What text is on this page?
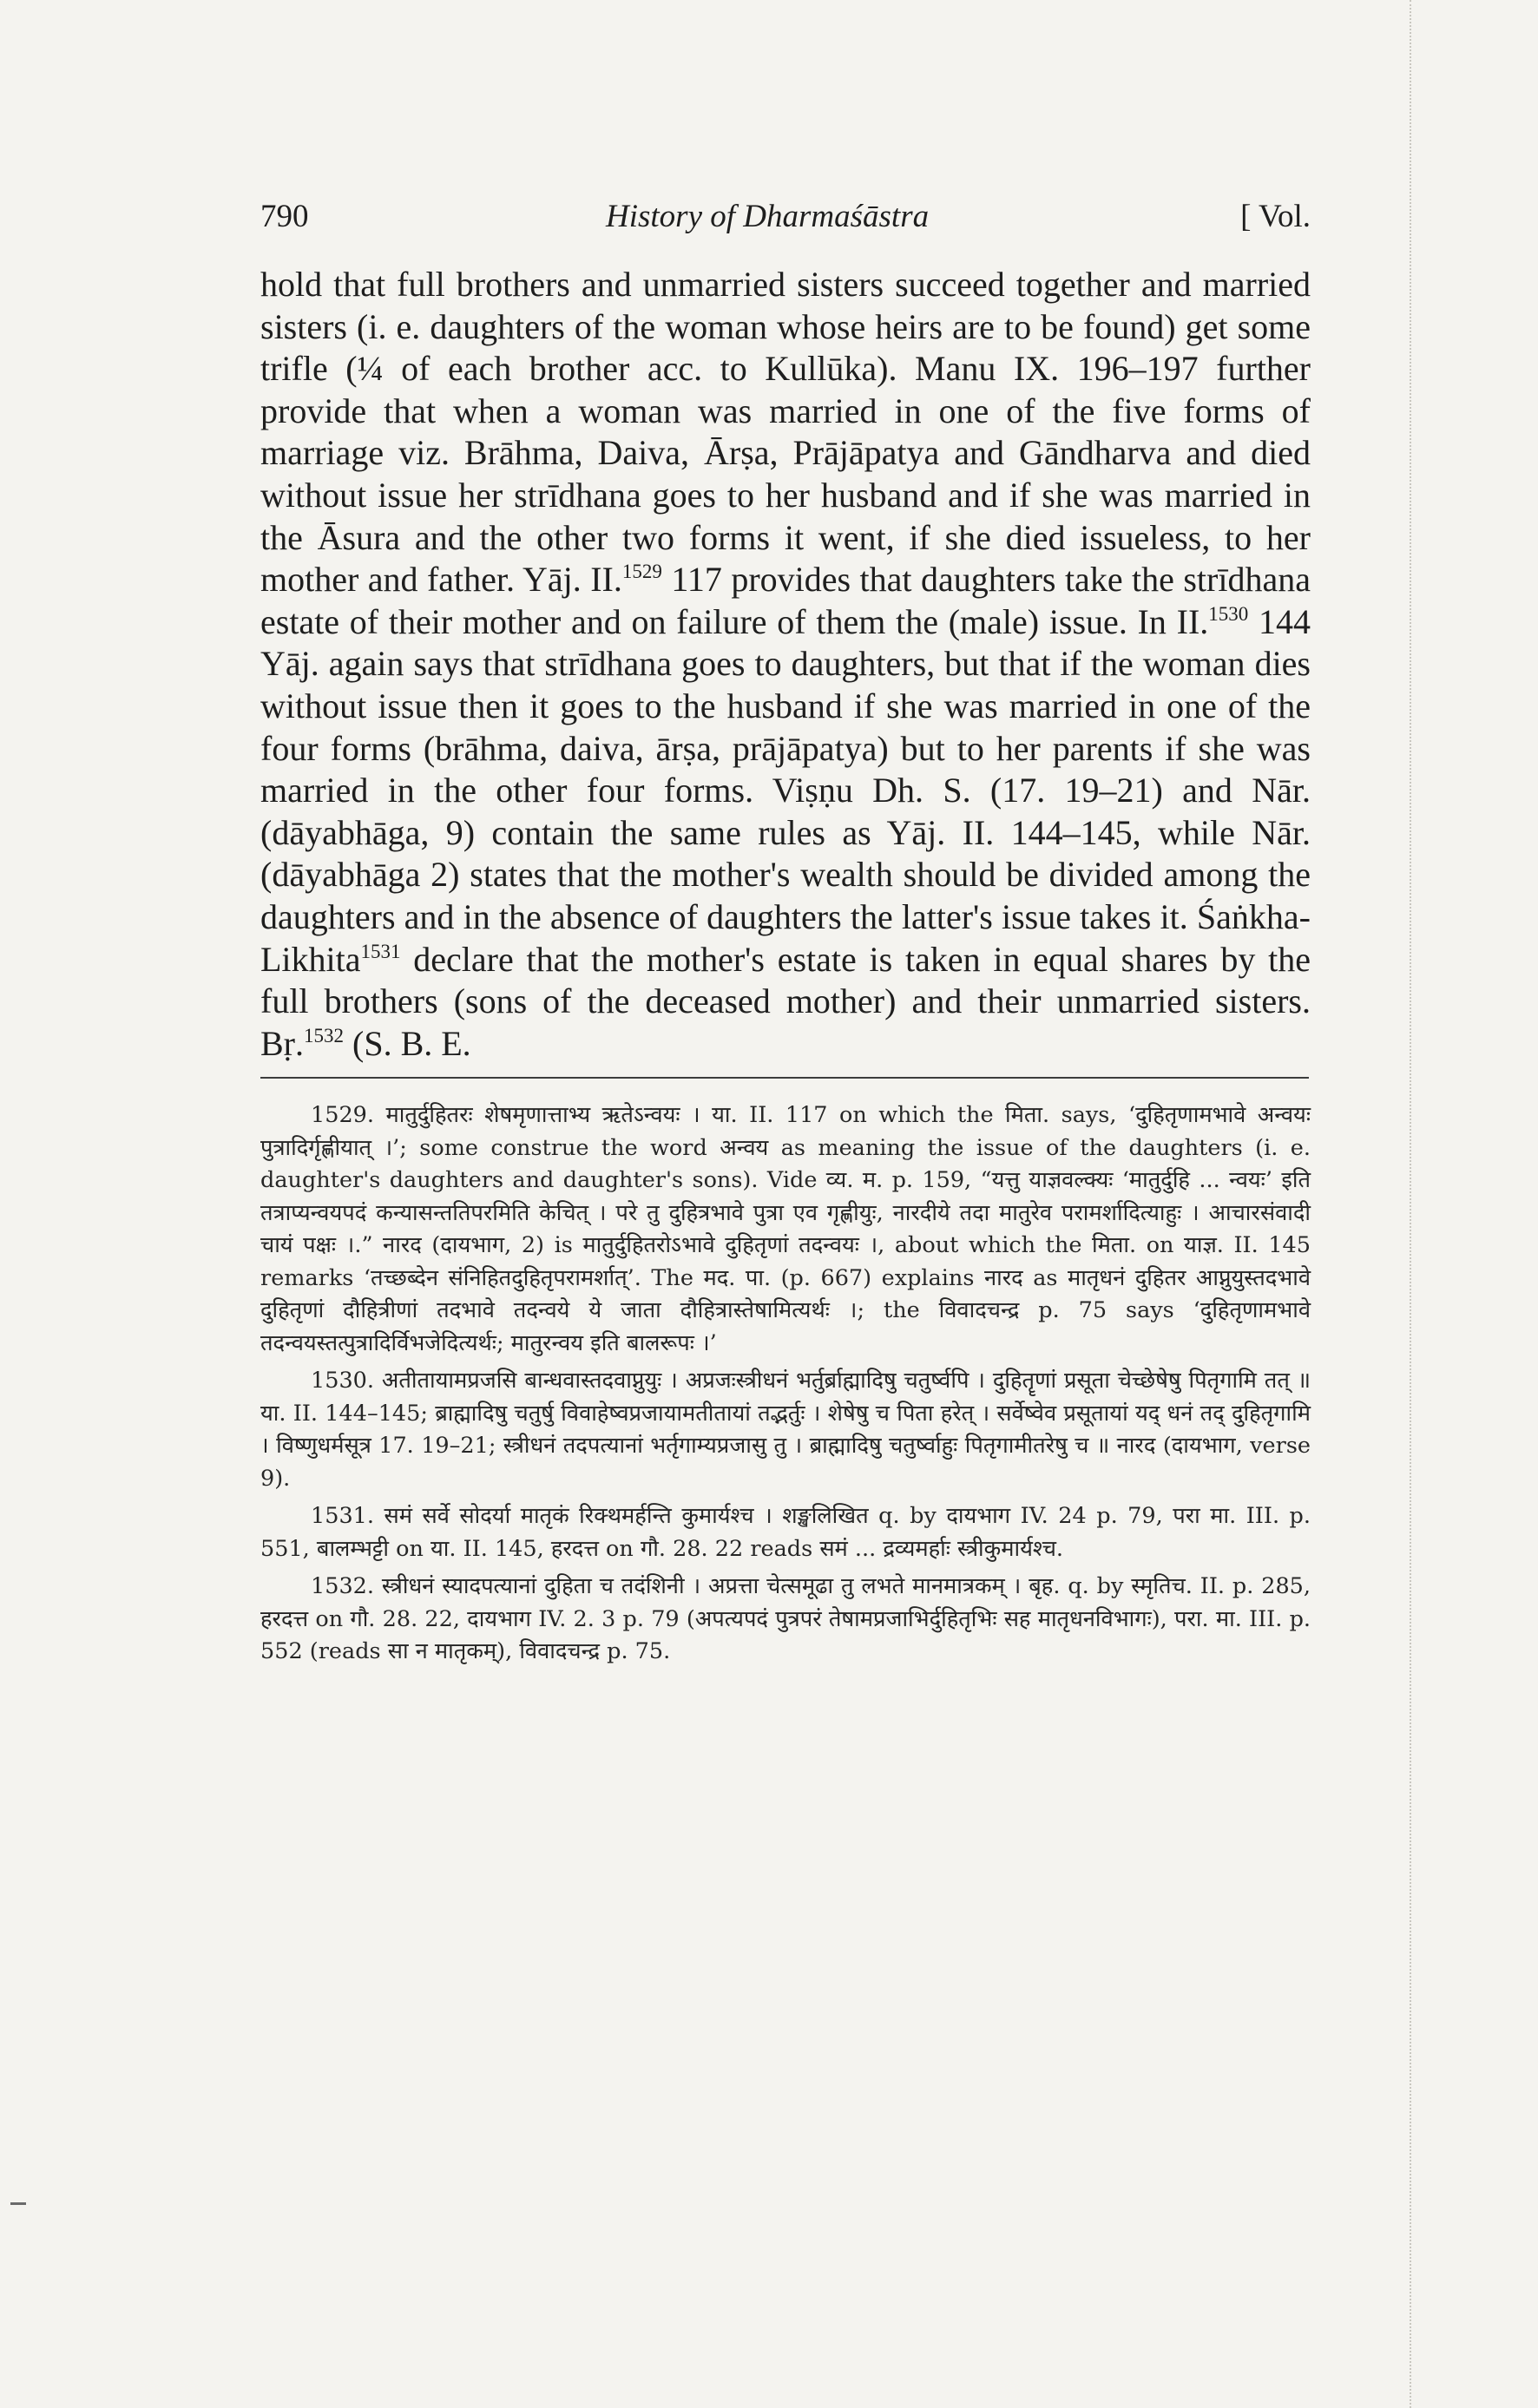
790	History of Dharmaśāstra	[ Vol.

hold that full brothers and unmarried sisters succeed together and married sisters (i. e. daughters of the woman whose heirs are to be found) get some trifle (¼ of each brother acc. to Kullūka). Manu IX. 196–197 further provide that when a woman was married in one of the five forms of marriage viz. Brāhma, Daiva, Ārṣa, Prājāpatya and Gāndharva and died without issue her strīdhana goes to her husband and if she was married in the Āsura and the other two forms it went, if she died issueless, to her mother and father. Yāj. II.$^{1529}$ 117 provides that daughters take the strīdhana estate of their mother and on failure of them the (male) issue. In II.$^{1530}$ 144 Yāj. again says that strīdhana goes to daughters, but that if the woman dies without issue then it goes to the husband if she was married in one of the four forms (brāhma, daiva, ārṣa, prājāpatya) but to her parents if she was married in the other four forms. Viṣṇu Dh. S. (17. 19–21) and Nār. (dāyabhāga, 9) contain the same rules as Yāj. II. 144–145, while Nār. (dāyabhāga 2) states that the mother's wealth should be divided among the daughters and in the absence of daughters the latter's issue takes it. Śaṅkha-Likhita$^{1531}$ declare that the mother's estate is taken in equal shares by the full brothers (sons of the deceased mother) and their unmarried sisters. Bṛ.$^{1532}$ (S. B. E.

1529. मातुर्दुहितरः शेषमृणात्ताभ्य ऋतेऽन्वयः । या. II. 117 on which the मिता. says, ‘दुहितृणामभावे अन्वयः पुत्रादिर्गृह्णीयात् ।’; some construe the word अन्वय as meaning the issue of the daughters (i. e. daughter's daughters and daughter's sons). Vide व्य. म. p. 159, “यत्तु याज्ञवल्क्यः ‘मातुर्दुहि ... न्वयः’ इति तत्राप्यन्वयपदं कन्यासन्ततिपरमिति केचित् । परे तु दुहित्रभावे पुत्रा एव गृह्णीयुः, नारदीये तदा मातुरेव परामर्शादित्याहुः । आचारसंवादी चायं पक्षः ।.” नारद (दायभाग, 2) is मातुर्दुहितरोऽभावे दुहितृणां तदन्वयः ।, about which the मिता. on याज्ञ. II. 145 remarks ‘तच्छब्देन संनिहितदुहितृपरामर्शात्’. The मद. पा. (p. 667) explains नारद as मातृधनं दुहितर आप्नुयुस्तदभावे दुहितृणां दौहित्रीणां तदभावे तदन्वये ये जाता दौहित्रास्तेषामित्यर्थः ।; the विवादचन्द्र p. 75 says ‘दुहितृणामभावे तदन्वयस्तत्पुत्रादिर्विभजेदित्यर्थः; मातुरन्वय इति बालरूपः ।’

1530. अतीतायामप्रजसि बान्धवास्तदवाप्नुयुः । अप्रजःस्त्रीधनं भर्तुर्ब्राह्मादिषु चतुर्ष्वपि । दुहितॄणां प्रसूता चेच्छेषेषु पितृगामि तत् ॥ या. II. 144–145; ब्राह्मादिषु चतुर्षु विवाहेष्वप्रजायामतीतायां तद्भर्तुः । शेषेषु च पिता हरेत् । सर्वेष्वेव प्रसूतायां यद् धनं तद् दुहितृगामि । विष्णुधर्मसूत्र 17. 19–21; स्त्रीधनं तदपत्यानां भर्तृगाम्यप्रजासु तु । ब्राह्मादिषु चतुर्ष्वाहुः पितृगामीतरेषु च ॥ नारद (दायभाग, verse 9).

1531. समं सर्वे सोदर्या मातृकं रिक्थमर्हन्ति कुमार्यश्च । शङ्खलिखित q. by दायभाग IV. 24 p. 79, परा मा. III. p. 551, बालम्भट्टी on या. II. 145, हरदत्त on गौ. 28. 22 reads समं ... द्रव्यमर्हाः स्त्रीकुमार्यश्च.

1532. स्त्रीधनं स्यादपत्यानां दुहिता च तदंशिनी । अप्रत्ता चेत्समूढा तु लभते मानमात्रकम् । बृह. q. by स्मृतिच. II. p. 285, हरदत्त on गौ. 28. 22, दायभाग IV. 2. 3 p. 79 (अपत्यपदं पुत्रपरं तेषामप्रजाभिर्दुहितृभिः सह मातृधनविभागः), परा. मा. III. p. 552 (reads सा न मातृकम्), विवादचन्द्र p. 75.
